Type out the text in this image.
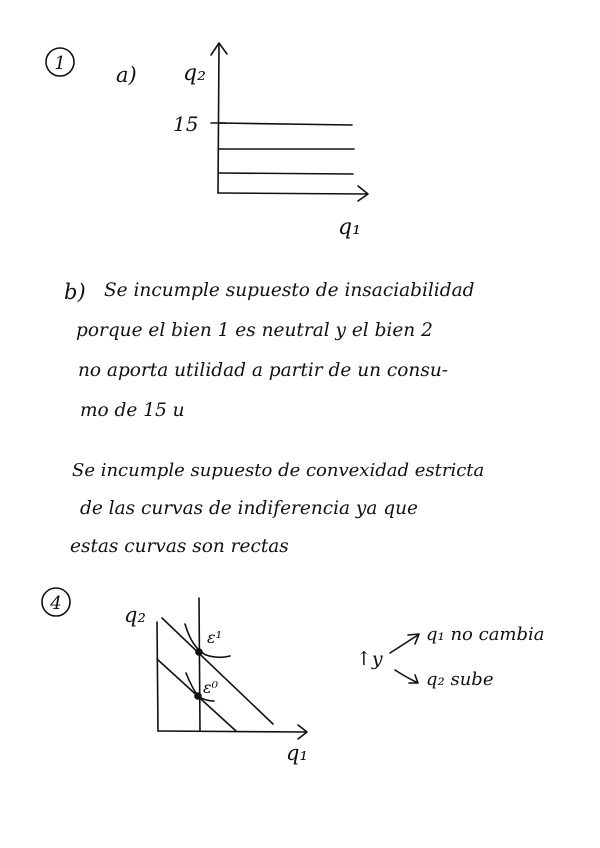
1 a) q₂
q₁
15
4
ε¹
ε⁰
q₂
q₁
↑y
q₁ no cambia
q₂ sube
b) Se incumple supuesto de insaciabilidad
porque el bien 1 es neutral y el bien 2
no aporta utilidad a partir de un consu-
mo de 15 u
Se incumple supuesto de convexidad estricta
de las curvas de indiferencia ya que
estas curvas son rectas
